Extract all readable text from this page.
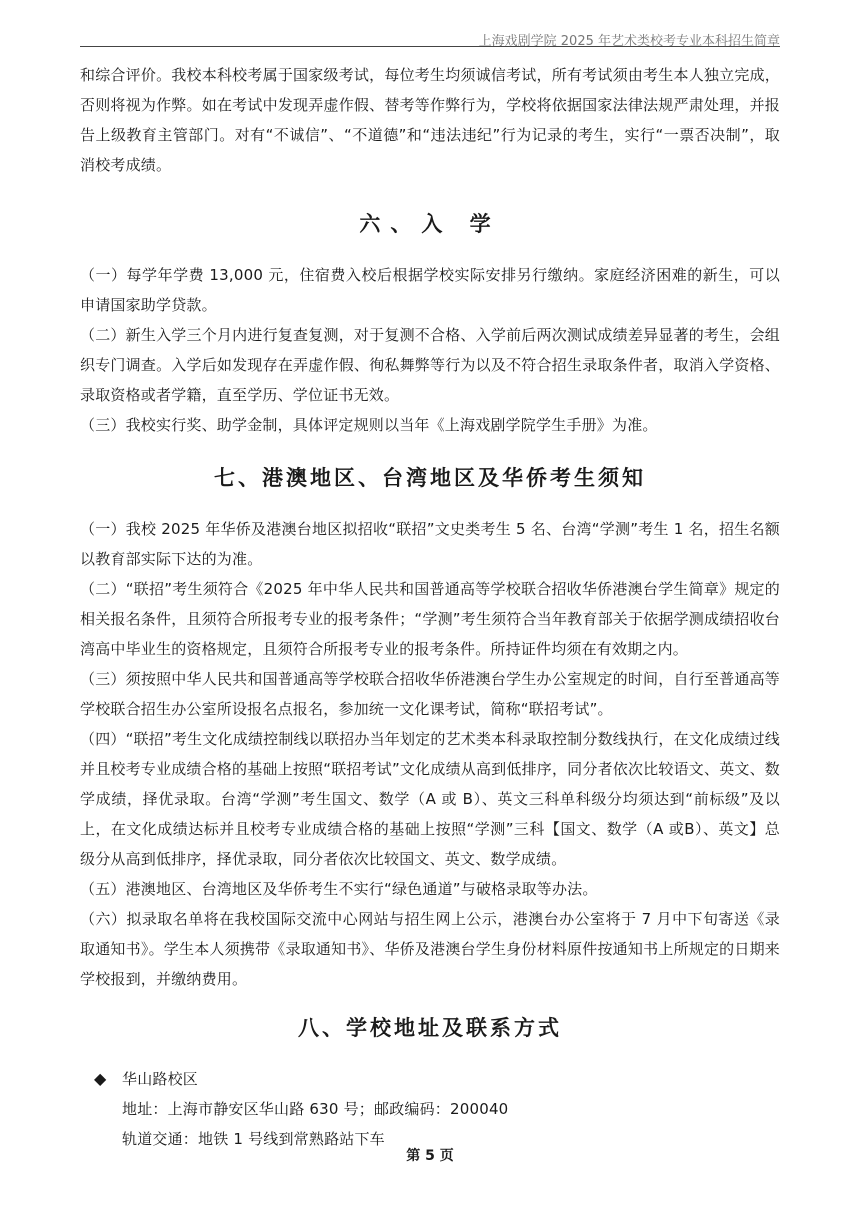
上海戏剧学院 2025 年艺术类校考专业本科招生简章

和综合评价。我校本科校考属于国家级考试，每位考生均须诚信考试，所有考试须由考生本人独立完成，否则将视为作弊。如在考试中发现弄虚作假、替考等作弊行为，学校将依据国家法律法规严肃处理，并报告上级教育主管部门。对有“不诚信”、“不道德”和“违法违纪”行为记录的考生，实行“一票否决制”，取消校考成绩。

六、入 学

（一）每学年学费 13,000 元，住宿费入校后根据学校实际安排另行缴纳。家庭经济困难的新生，可以申请国家助学贷款。

（二）新生入学三个月内进行复查复测，对于复测不合格、入学前后两次测试成绩差异显著的考生，会组织专门调查。入学后如发现存在弄虚作假、徇私舞弊等行为以及不符合招生录取条件者，取消入学资格、录取资格或者学籍，直至学历、学位证书无效。

（三）我校实行奖、助学金制，具体评定规则以当年《上海戏剧学院学生手册》为准。

七、港澳地区、台湾地区及华侨考生须知

（一）我校 2025 年华侨及港澳台地区拟招收“联招”文史类考生 5 名、台湾“学测”考生 1 名，招生名额以教育部实际下达的为准。

（二）“联招”考生须符合《2025 年中华人民共和国普通高等学校联合招收华侨港澳台学生简章》规定的相关报名条件，且须符合所报考专业的报考条件；“学测”考生须符合当年教育部关于依据学测成绩招收台湾高中毕业生的资格规定，且须符合所报考专业的报考条件。所持证件均须在有效期之内。

（三）须按照中华人民共和国普通高等学校联合招收华侨港澳台学生办公室规定的时间，自行至普通高等学校联合招生办公室所设报名点报名，参加统一文化课考试，简称“联招考试”。

（四）“联招”考生文化成绩控制线以联招办当年划定的艺术类本科录取控制分数线执行，在文化成绩过线并且校考专业成绩合格的基础上按照“联招考试”文化成绩从高到低排序，同分者依次比较语文、英文、数学成绩，择优录取。台湾“学测”考生国文、数学（A 或 B）、英文三科单科级分均须达到“前标级”及以上，在文化成绩达标并且校考专业成绩合格的基础上按照“学测”三科【国文、数学（A 或B）、英文】总级分从高到低排序，择优录取，同分者依次比较国文、英文、数学成绩。

（五）港澳地区、台湾地区及华侨考生不实行“绿色通道”与破格录取等办法。

（六）拟录取名单将在我校国际交流中心网站与招生网上公示，港澳台办公室将于 7 月中下旬寄送《录取通知书》。学生本人须携带《录取通知书》、华侨及港澳台学生身份材料原件按通知书上所规定的日期来学校报到，并缴纳费用。

八、学校地址及联系方式
◆ 华山路校区

地址：上海市静安区华山路 630 号；邮政编码：200040

轨道交通：地铁 1 号线到常熟路站下车

第 5 页
